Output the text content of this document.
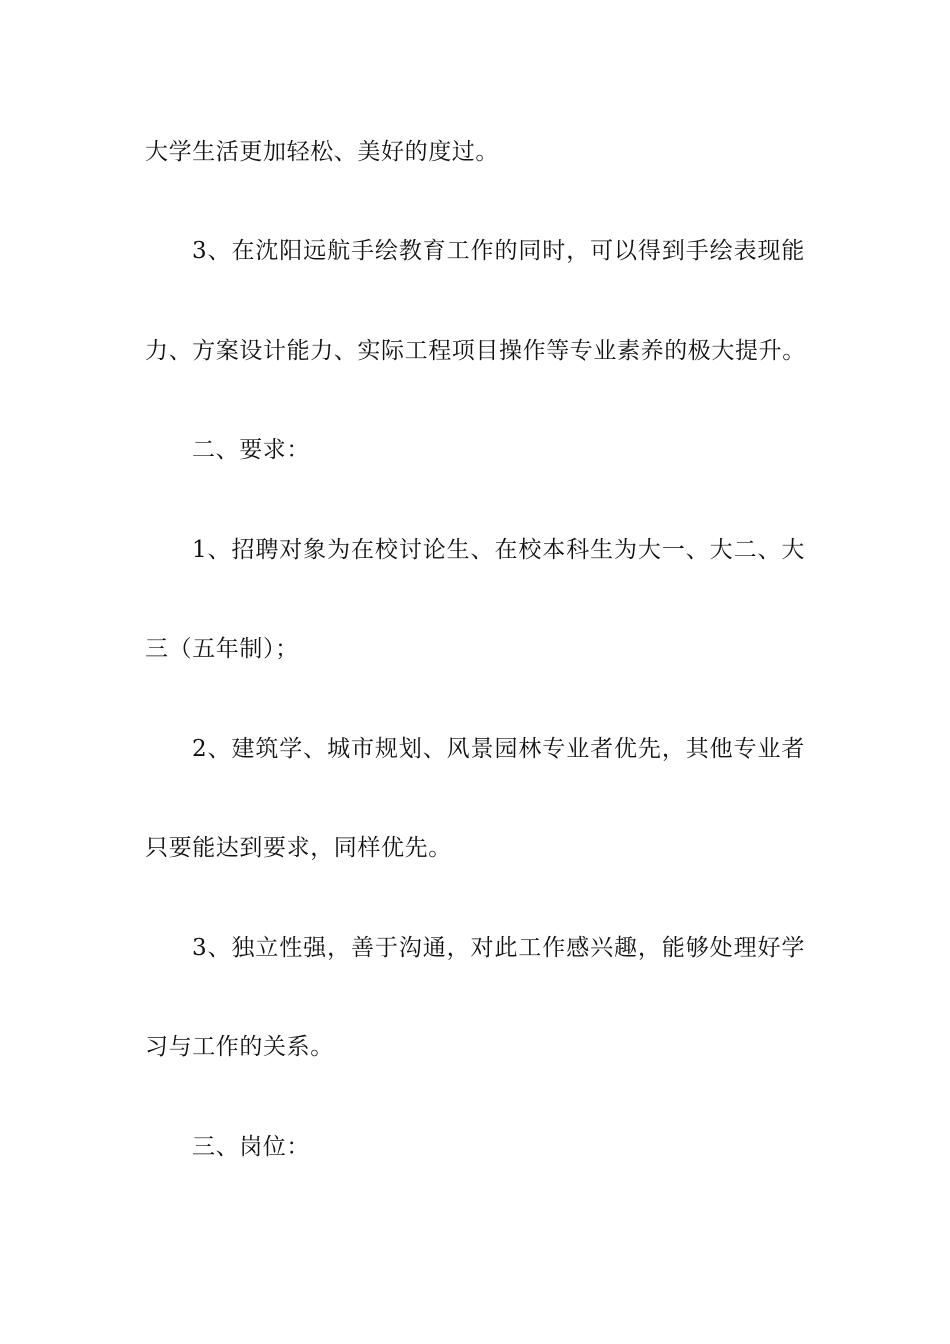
大学生活更加轻松、美好的度过。
3、在沈阳远航手绘教育工作的同时，可以得到手绘表现能
力、方案设计能力、实际工程项目操作等专业素养的极大提升。
二、要求：
1、招聘对象为在校讨论生、在校本科生为大一、大二、大
三（五年制）；
2、建筑学、城市规划、风景园林专业者优先，其他专业者
只要能达到要求，同样优先。
3、独立性强，善于沟通，对此工作感兴趣，能够处理好学
习与工作的关系。
三、岗位：
